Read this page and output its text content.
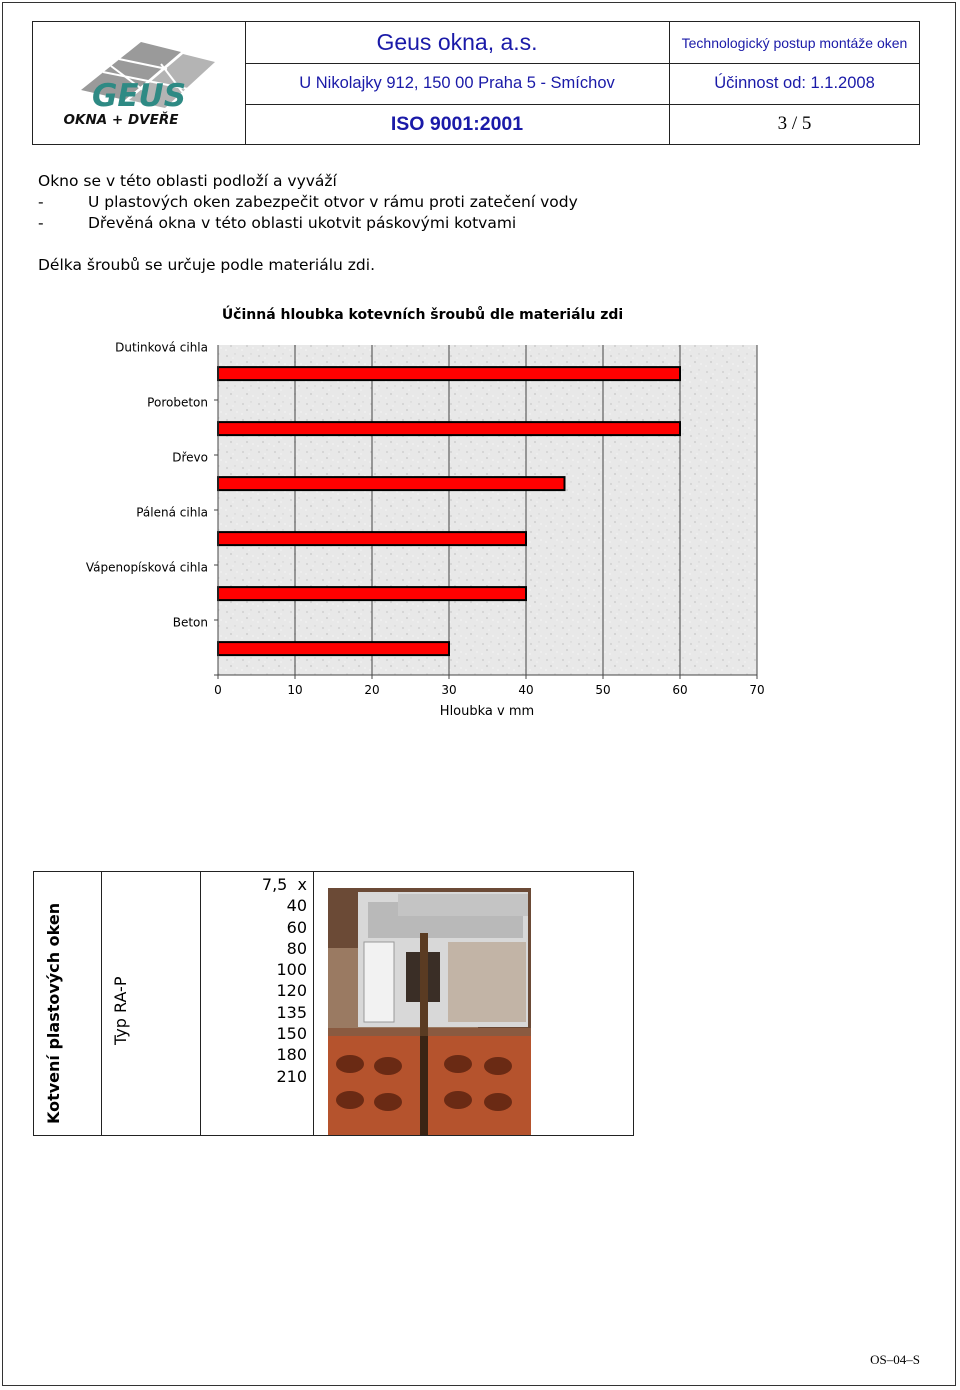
GEUS
OKNA + DVEŘE
Geus okna, a.s.	Technologický postup montáže oken
U Nikolajky 912, 150 00 Praha 5 - Smíchov	Účinnost od: 1.1.2008
ISO 9001:2001	3 / 5
Okno se v této oblasti podloží a vyváží
-	U plastových oken zabezpečit otvor v rámu proti zatečení vody
-	Dřevěná okna v této oblasti ukotvit páskovými kotvami
Délka šroubů se určuje podle materiálu zdi.
Účinná hloubka kotevních šroubů dle materiálu zdi
Dutinková cihla
Porobeton
Dřevo
Pálená cihla
Vápenopísková cihla
Beton
0	10	20	30	40	50	60	70
Hloubka v mm
Kotvení plastových oken	Typ RA-P
7,5  x
40
60
80
100
120
135
150
180
210
OS–04–S
